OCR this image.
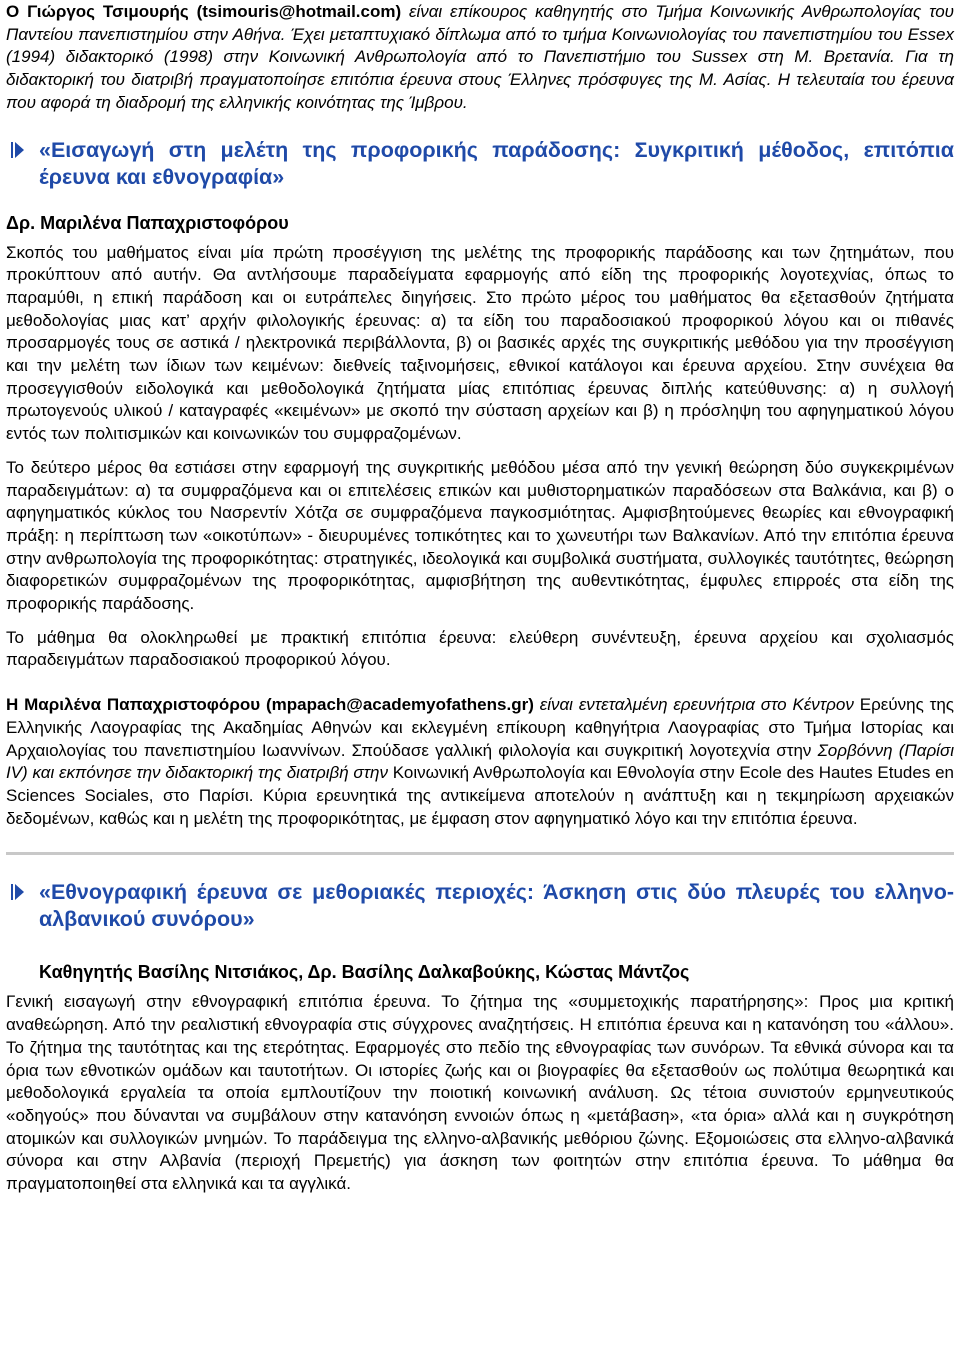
Ο Γιώργος Τσιμουρής (tsimouris@hotmail.com) είναι επίκουρος καθηγητής στο Τμήμα Κοινωνικής Ανθρωπολογίας του Παντείου πανεπιστημίου στην Αθήνα. Έχει μεταπτυχιακό δίπλωμα από το τμήμα Κοινωνιολογίας του πανεπιστημίου του Essex (1994) διδακτορικό (1998) στην Κοινωνική Ανθρωπολογία από το Πανεπιστήμιο του Sussex στη Μ. Βρετανία. Για τη διδακτορική του διατριβή πραγματοποίησε επιτόπια έρευνα στους Έλληνες πρόσφυγες της Μ. Ασίας. Η τελευταία του έρευνα που αφορά τη διαδρομή της ελληνικής κοινότητας της Ίμβρου.

«Εισαγωγή στη μελέτη της προφορικής παράδοσης: Συγκριτική μέθοδος, επιτόπια έρευνα και εθνογραφία»
Δρ. Μαριλένα Παπαχριστοφόρου

Σκοπός του μαθήματος είναι μία πρώτη προσέγγιση της μελέτης της προφορικής παράδοσης και των ζητημάτων, που προκύπτουν από αυτήν. Θα αντλήσουμε παραδείγματα εφαρμογής από είδη της προφορικής λογοτεχνίας, όπως το παραμύθι, η επική παράδοση και οι ευτράπελες διηγήσεις. Στο πρώτο μέρος του μαθήματος θα εξετασθούν ζητήματα μεθοδολογίας μιας κατ’ αρχήν φιλολογικής έρευνας: α) τα είδη του παραδοσιακού προφορικού λόγου και οι πιθανές προσαρμογές τους σε αστικά / ηλεκτρονικά περιβάλλοντα, β) οι βασικές αρχές της συγκριτικής μεθόδου για την προσέγγιση και την μελέτη των ίδιων των κειμένων: διεθνείς ταξινομήσεις, εθνικοί κατάλογοι και έρευνα αρχείου. Στην συνέχεια θα προσεγγισθούν ειδολογικά και μεθοδολογικά ζητήματα μίας επιτόπιας έρευνας διπλής κατεύθυνσης: α) η συλλογή πρωτογενούς υλικού / καταγραφές «κειμένων» με σκοπό την σύσταση αρχείων και β) η πρόσληψη του αφηγηματικού λόγου εντός των πολιτισμικών και κοινωνικών του συμφραζομένων.

Το δεύτερο μέρος θα εστιάσει στην εφαρμογή της συγκριτικής μεθόδου μέσα από την γενική θεώρηση δύο συγκεκριμένων παραδειγμάτων: α) τα συμφραζόμενα και οι επιτελέσεις επικών και μυθιστορηματικών παραδόσεων στα Βαλκάνια, και β) ο αφηγηματικός κύκλος του Νασρεντίν Χότζα σε συμφραζόμενα παγκοσμιότητας. Αμφισβητούμενες θεωρίες και εθνογραφική πράξη: η περίπτωση των «οικοτύπων» - διευρυμένες τοπικότητες και το χωνευτήρι των Βαλκανίων. Από την επιτόπια έρευνα στην ανθρωπολογία της προφορικότητας: στρατηγικές, ιδεολογικά και συμβολικά συστήματα, συλλογικές ταυτότητες, θεώρηση διαφορετικών συμφραζομένων της προφορικότητας, αμφισβήτηση της αυθεντικότητας, έμφυλες επιρροές στα είδη της προφορικής παράδοσης.

Το μάθημα θα ολοκληρωθεί με πρακτική επιτόπια έρευνα: ελεύθερη συνέντευξη, έρευνα αρχείου και σχολιασμός παραδειγμάτων παραδοσιακού προφορικού λόγου.

Η Μαριλένα Παπαχριστοφόρου (mpapach@academyofathens.gr) είναι εντεταλμένη ερευνήτρια στο Κέντρον Ερεύνης της Ελληνικής Λαογραφίας της Ακαδημίας Αθηνών και εκλεγμένη επίκουρη καθηγήτρια Λαογραφίας στο Τμήμα Ιστορίας και Αρχαιολογίας του πανεπιστημίου Ιωαννίνων. Σπούδασε γαλλική φιλολογία και συγκριτική λογοτεχνία στην Σορβόννη (Παρίσι IV) και εκπόνησε την διδακτορική της διατριβή στην Κοινωνική Ανθρωπολογία και Εθνολογία στην Ecole des Hautes Etudes en Sciences Sociales, στο Παρίσι. Κύρια ερευνητικά της αντικείμενα αποτελούν η ανάπτυξη και η τεκμηρίωση αρχειακών δεδομένων, καθώς και η μελέτη της προφορικότητας, με έμφαση στον αφηγηματικό λόγο και την επιτόπια έρευνα.

«Εθνογραφική έρευνα σε μεθοριακές περιοχές: Άσκηση στις δύο πλευρές του ελληνο-αλβανικού συνόρου»
Καθηγητής Βασίλης Νιτσιάκος, Δρ. Βασίλης Δαλκαβούκης, Κώστας Μάντζος

Γενική εισαγωγή στην εθνογραφική επιτόπια έρευνα. Το ζήτημα της «συμμετοχικής παρατήρησης»: Προς μια κριτική αναθεώρηση. Από την ρεαλιστική εθνογραφία στις σύγχρονες αναζητήσεις. Η επιτόπια έρευνα και η κατανόηση του «άλλου». Το ζήτημα της ταυτότητας και της ετερότητας. Εφαρμογές στο πεδίο της εθνογραφίας των συνόρων. Τα εθνικά σύνορα και τα όρια των εθνοτικών ομάδων και ταυτοτήτων. Οι ιστορίες ζωής και οι βιογραφίες θα εξετασθούν ως πολύτιμα θεωρητικά και μεθοδολογικά εργαλεία τα οποία εμπλουτίζουν την ποιοτική κοινωνική ανάλυση. Ως τέτοια συνιστούν ερμηνευτικούς «οδηγούς» που δύνανται να συμβάλουν στην κατανόηση εννοιών όπως η «μετάβαση», «τα όρια» αλλά και η συγκρότηση ατομικών και συλλογικών μνημών. Το παράδειγμα της ελληνο-αλβανικής μεθόριου ζώνης. Εξομοιώσεις στα ελληνο-αλβανικά σύνορα και στην Αλβανία (περιοχή Πρεμετής) για άσκηση των φοιτητών στην επιτόπια έρευνα. Το μάθημα θα πραγματοποιηθεί στα ελληνικά και τα αγγλικά.
